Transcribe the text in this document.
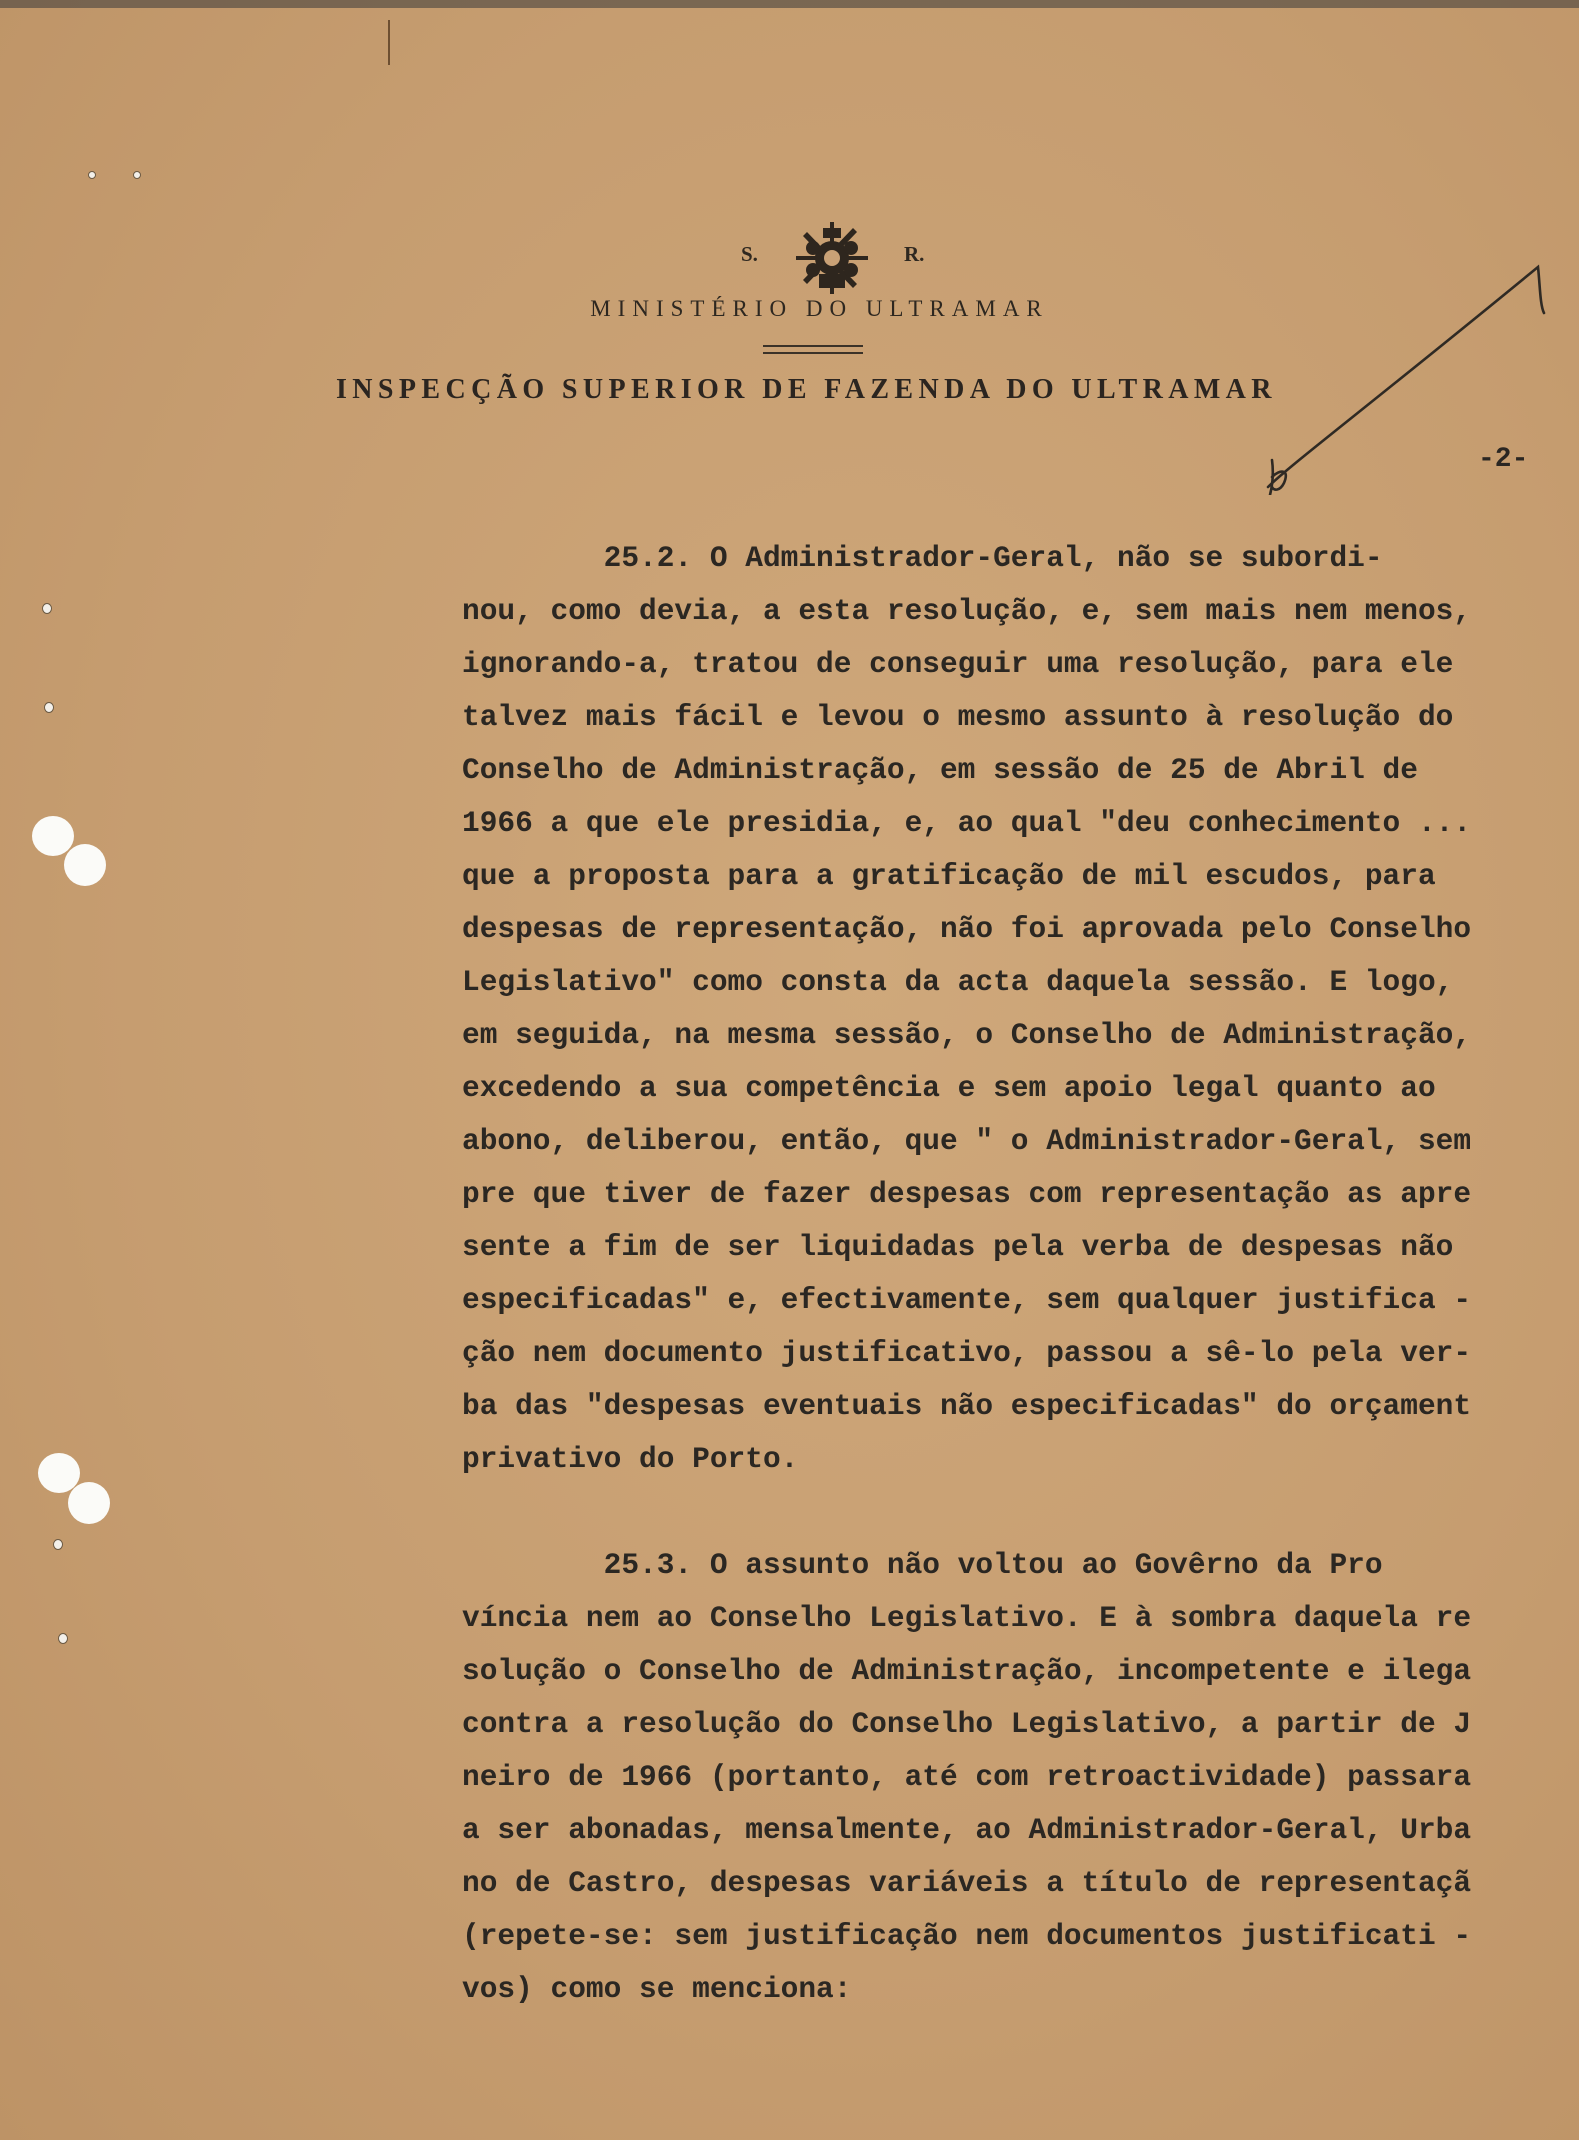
S.	R.
MINISTÉRIO DO ULTRAMAR
INSPECÇÃO SUPERIOR DE FAZENDA DO ULTRAMAR
-2-
25.2. O Administrador-Geral, não se subordi-
nou, como devia, a esta resolução, e, sem mais nem menos,
ignorando-a, tratou de conseguir uma resolução, para ele
talvez mais fácil e levou o mesmo assunto à resolução do
Conselho de Administração, em sessão de 25 de Abril de
1966 a que ele presidia, e, ao qual "deu conhecimento ...
que a proposta para a gratificação de mil escudos, para
despesas de representação, não foi aprovada pelo Conselho
Legislativo" como consta da acta daquela sessão. E logo,
em seguida, na mesma sessão, o Conselho de Administração,
excedendo a sua competência e sem apoio legal quanto ao
abono, deliberou, então, que " o Administrador-Geral, sem
pre que tiver de fazer despesas com representação as apre
sente a fim de ser liquidadas pela verba de despesas não
especificadas" e, efectivamente, sem qualquer justifica -
ção nem documento justificativo, passou a sê-lo pela ver-
ba das "despesas eventuais não especificadas" do orçament
privativo do Porto.
25.3. O assunto não voltou ao Govêrno da Pro
víncia nem ao Conselho Legislativo. E à sombra daquela re
solução o Conselho de Administração, incompetente e ilega
contra a resolução do Conselho Legislativo, a partir de J
neiro de 1966 (portanto, até com retroactividade) passara
a ser abonadas, mensalmente, ao Administrador-Geral, Urba
no de Castro, despesas variáveis a título de representaçã
(repete-se: sem justificação nem documentos justificati -
vos) como se menciona:
